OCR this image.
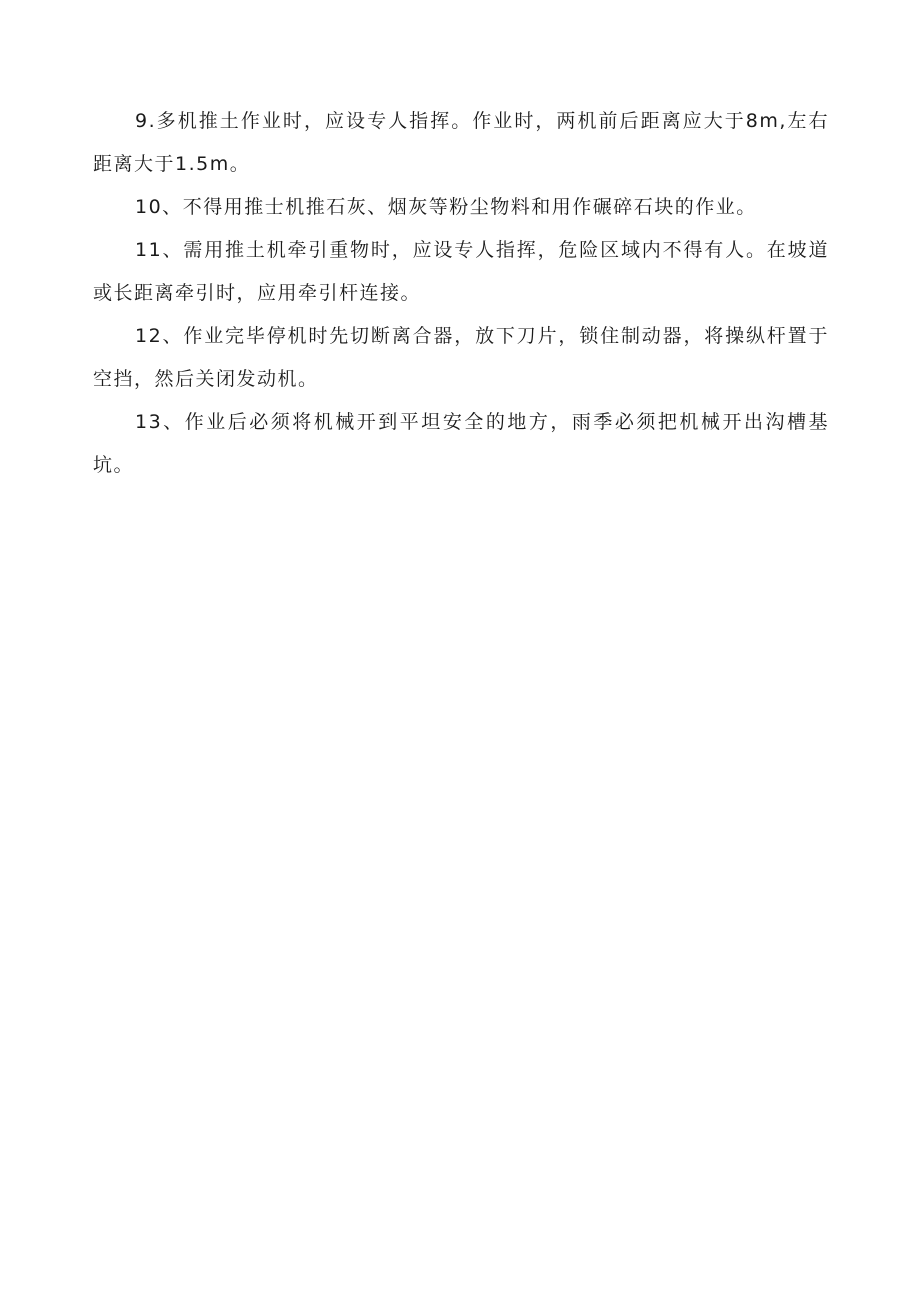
9.多机推土作业时，应设专人指挥。作业时，两机前后距离应大于8m,左右距离大于1.5m。

10、不得用推士机推石灰、烟灰等粉尘物料和用作碾碎石块的作业。

11、需用推土机牵引重物时，应设专人指挥，危险区域内不得有人。在坡道或长距离牵引时，应用牵引杆连接。

12、作业完毕停机时先切断离合器，放下刀片，锁住制动器，将操纵杆置于空挡，然后关闭发动机。

13、作业后必须将机械开到平坦安全的地方，雨季必须把机械开出沟槽基坑。
